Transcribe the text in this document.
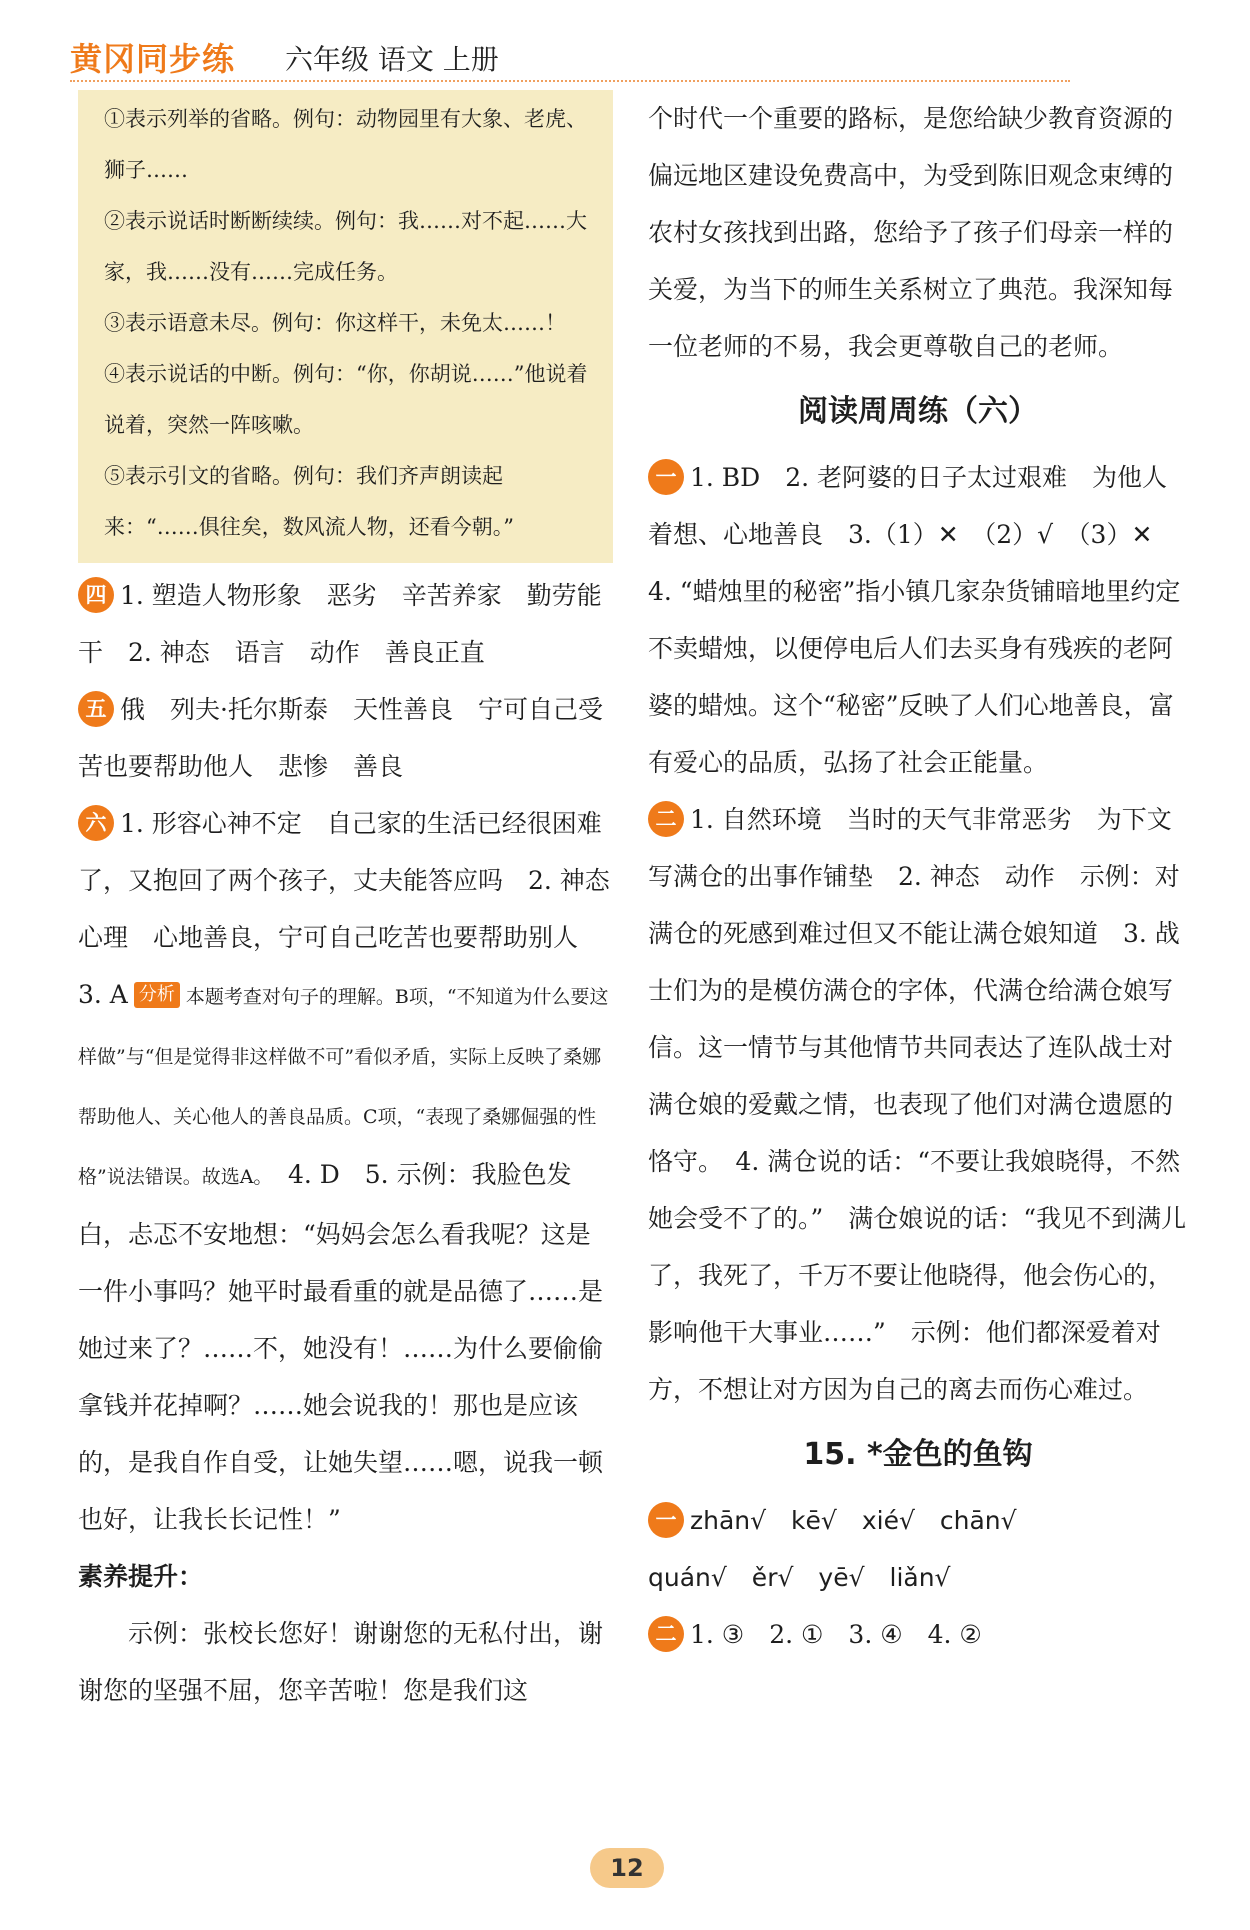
黄冈同步练 六年级 语文 上册

①表示列举的省略。例句：动物园里有大象、老虎、狮子……

②表示说话时断断续续。例句：我……对不起……大家，我……没有……完成任务。

③表示语意未尽。例句：你这样干，未免太……！

④表示说话的中断。例句：“你，你胡说……”他说着说着，突然一阵咳嗽。

⑤表示引文的省略。例句：我们齐声朗读起来：“……俱往矣，数风流人物，还看今朝。”

四 1. 塑造人物形象　恶劣　辛苦养家　勤劳能干　2. 神态　语言　动作　善良正直

五 俄　列夫·托尔斯泰　天性善良　宁可自己受苦也要帮助他人　悲惨　善良

六 1. 形容心神不定　自己家的生活已经很困难了，又抱回了两个孩子，丈夫能答应吗　2. 神态　心理　心地善良，宁可自己吃苦也要帮助别人　3. A 分析 本题考查对句子的理解。B项，“不知道为什么要这样做”与“但是觉得非这样做不可”看似矛盾，实际上反映了桑娜帮助他人、关心他人的善良品质。C项，“表现了桑娜倔强的性格”说法错误。故选A。　4. D　5. 示例：我脸色发白，忐忑不安地想：“妈妈会怎么看我呢？这是一件小事吗？她平时最看重的就是品德了……是她过来了？……不，她没有！……为什么要偷偷拿钱并花掉啊？……她会说我的！那也是应该的，是我自作自受，让她失望……嗯，说我一顿也好，让我长长记性！”

素养提升：

示例：张校长您好！谢谢您的无私付出，谢谢您的坚强不屈，您辛苦啦！您是我们这

个时代一个重要的路标，是您给缺少教育资源的偏远地区建设免费高中，为受到陈旧观念束缚的农村女孩找到出路，您给予了孩子们母亲一样的关爱，为当下的师生关系树立了典范。我深知每一位老师的不易，我会更尊敬自己的老师。

阅读周周练（六）

一 1. BD　2. 老阿婆的日子太过艰难　为他人着想、心地善良　3.（1）✕　（2）√　（3）✕　4. “蜡烛里的秘密”指小镇几家杂货铺暗地里约定不卖蜡烛，以便停电后人们去买身有残疾的老阿婆的蜡烛。这个“秘密”反映了人们心地善良，富有爱心的品质，弘扬了社会正能量。

二 1. 自然环境　当时的天气非常恶劣　为下文写满仓的出事作铺垫　2. 神态　动作　示例：对满仓的死感到难过但又不能让满仓娘知道　3. 战士们为的是模仿满仓的字体，代满仓给满仓娘写信。这一情节与其他情节共同表达了连队战士对满仓娘的爱戴之情，也表现了他们对满仓遗愿的恪守。　4. 满仓说的话：“不要让我娘晓得，不然她会受不了的。”　满仓娘说的话：“我见不到满儿了，我死了，千万不要让他晓得，他会伤心的，影响他干大事业……”　示例：他们都深爱着对方，不想让对方因为自己的离去而伤心难过。

15. *金色的鱼钩

一 zhān√　kē√　xié√　chān√

quán√　ěr√　yē√　liǎn√

二 1. ③　2. ①　3. ④　4. ②

12
